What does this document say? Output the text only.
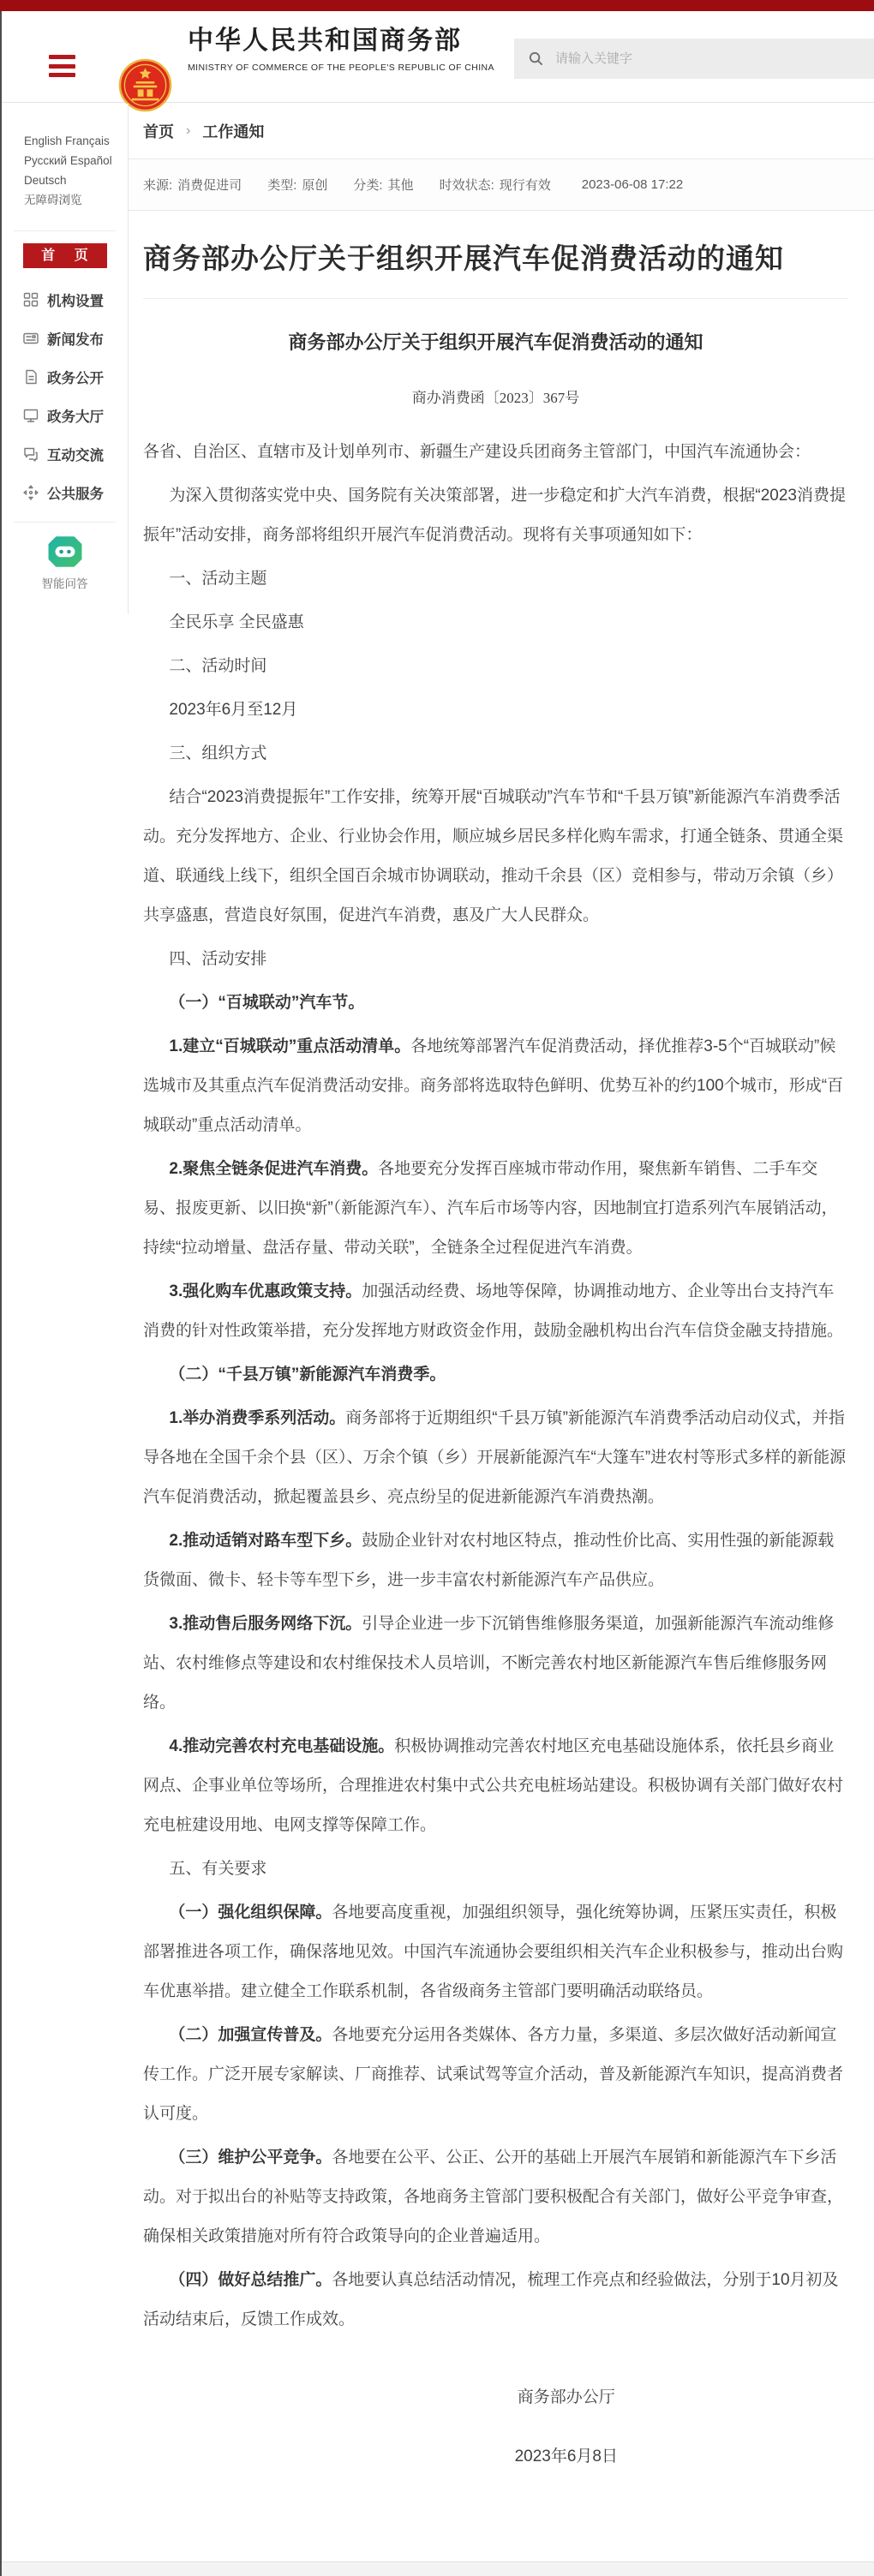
中华人民共和国商务部
MINISTRY OF COMMERCE OF THE PEOPLE'S REPUBLIC OF CHINA
请输入关键字
首页 › 工作通知
来源: 消费促进司 类型: 原创 分类: 其他 时效状态: 现行有效 2023-06-08 17:22
English Français
Русский Español
Deutsch
无障碍浏览
首 页
机构设置
新闻发布
政务公开
政务大厅
互动交流
公共服务
智能问答
商务部办公厅关于组织开展汽车促消费活动的通知
商务部办公厅关于组织开展汽车促消费活动的通知
商办消费函〔2023〕367号

各省、自治区、直辖市及计划单列市、新疆生产建设兵团商务主管部门，中国汽车流通协会：

为深入贯彻落实党中央、国务院有关决策部署，进一步稳定和扩大汽车消费，根据“2023消费提振年”活动安排，商务部将组织开展汽车促消费活动。现将有关事项通知如下：

一、活动主题

全民乐享 全民盛惠

二、活动时间

2023年6月至12月

三、组织方式

结合“2023消费提振年”工作安排，统筹开展“百城联动”汽车节和“千县万镇”新能源汽车消费季活动。充分发挥地方、企业、行业协会作用，顺应城乡居民多样化购车需求，打通全链条、贯通全渠道、联通线上线下，组织全国百余城市协调联动，推动千余县（区）竞相参与，带动万余镇（乡）共享盛惠，营造良好氛围，促进汽车消费，惠及广大人民群众。

四、活动安排

（一）“百城联动”汽车节。

1.建立“百城联动”重点活动清单。各地统筹部署汽车促消费活动，择优推荐3-5个“百城联动”候选城市及其重点汽车促消费活动安排。商务部将选取特色鲜明、优势互补的约100个城市，形成“百城联动”重点活动清单。

2.聚焦全链条促进汽车消费。各地要充分发挥百座城市带动作用，聚焦新车销售、二手车交易、报废更新、以旧换“新”（新能源汽车）、汽车后市场等内容，因地制宜打造系列汽车展销活动，持续“拉动增量、盘活存量、带动关联”，全链条全过程促进汽车消费。

3.强化购车优惠政策支持。加强活动经费、场地等保障，协调推动地方、企业等出台支持汽车消费的针对性政策举措，充分发挥地方财政资金作用，鼓励金融机构出台汽车信贷金融支持措施。

（二）“千县万镇”新能源汽车消费季。

1.举办消费季系列活动。商务部将于近期组织“千县万镇”新能源汽车消费季活动启动仪式，并指导各地在全国千余个县（区）、万余个镇（乡）开展新能源汽车“大篷车”进农村等形式多样的新能源汽车促消费活动，掀起覆盖县乡、亮点纷呈的促进新能源汽车消费热潮。

2.推动适销对路车型下乡。鼓励企业针对农村地区特点，推动性价比高、实用性强的新能源载货微面、微卡、轻卡等车型下乡，进一步丰富农村新能源汽车产品供应。

3.推动售后服务网络下沉。引导企业进一步下沉销售维修服务渠道，加强新能源汽车流动维修站、农村维修点等建设和农村维保技术人员培训，不断完善农村地区新能源汽车售后维修服务网络。

4.推动完善农村充电基础设施。积极协调推动完善农村地区充电基础设施体系，依托县乡商业网点、企事业单位等场所，合理推进农村集中式公共充电桩场站建设。积极协调有关部门做好农村充电桩建设用地、电网支撑等保障工作。

五、有关要求

（一）强化组织保障。各地要高度重视，加强组织领导，强化统筹协调，压紧压实责任，积极部署推进各项工作，确保落地见效。中国汽车流通协会要组织相关汽车企业积极参与，推动出台购车优惠举措。建立健全工作联系机制，各省级商务主管部门要明确活动联络员。

（二）加强宣传普及。各地要充分运用各类媒体、各方力量，多渠道、多层次做好活动新闻宣传工作。广泛开展专家解读、厂商推荐、试乘试驾等宣介活动，普及新能源汽车知识，提高消费者认可度。

（三）维护公平竞争。各地要在公平、公正、公开的基础上开展汽车展销和新能源汽车下乡活动。对于拟出台的补贴等支持政策，各地商务主管部门要积极配合有关部门，做好公平竞争审查，确保相关政策措施对所有符合政策导向的企业普遍适用。

（四）做好总结推广。各地要认真总结活动情况，梳理工作亮点和经验做法，分别于10月初及活动结束后，反馈工作成效。

商务部办公厅

2023年6月8日
